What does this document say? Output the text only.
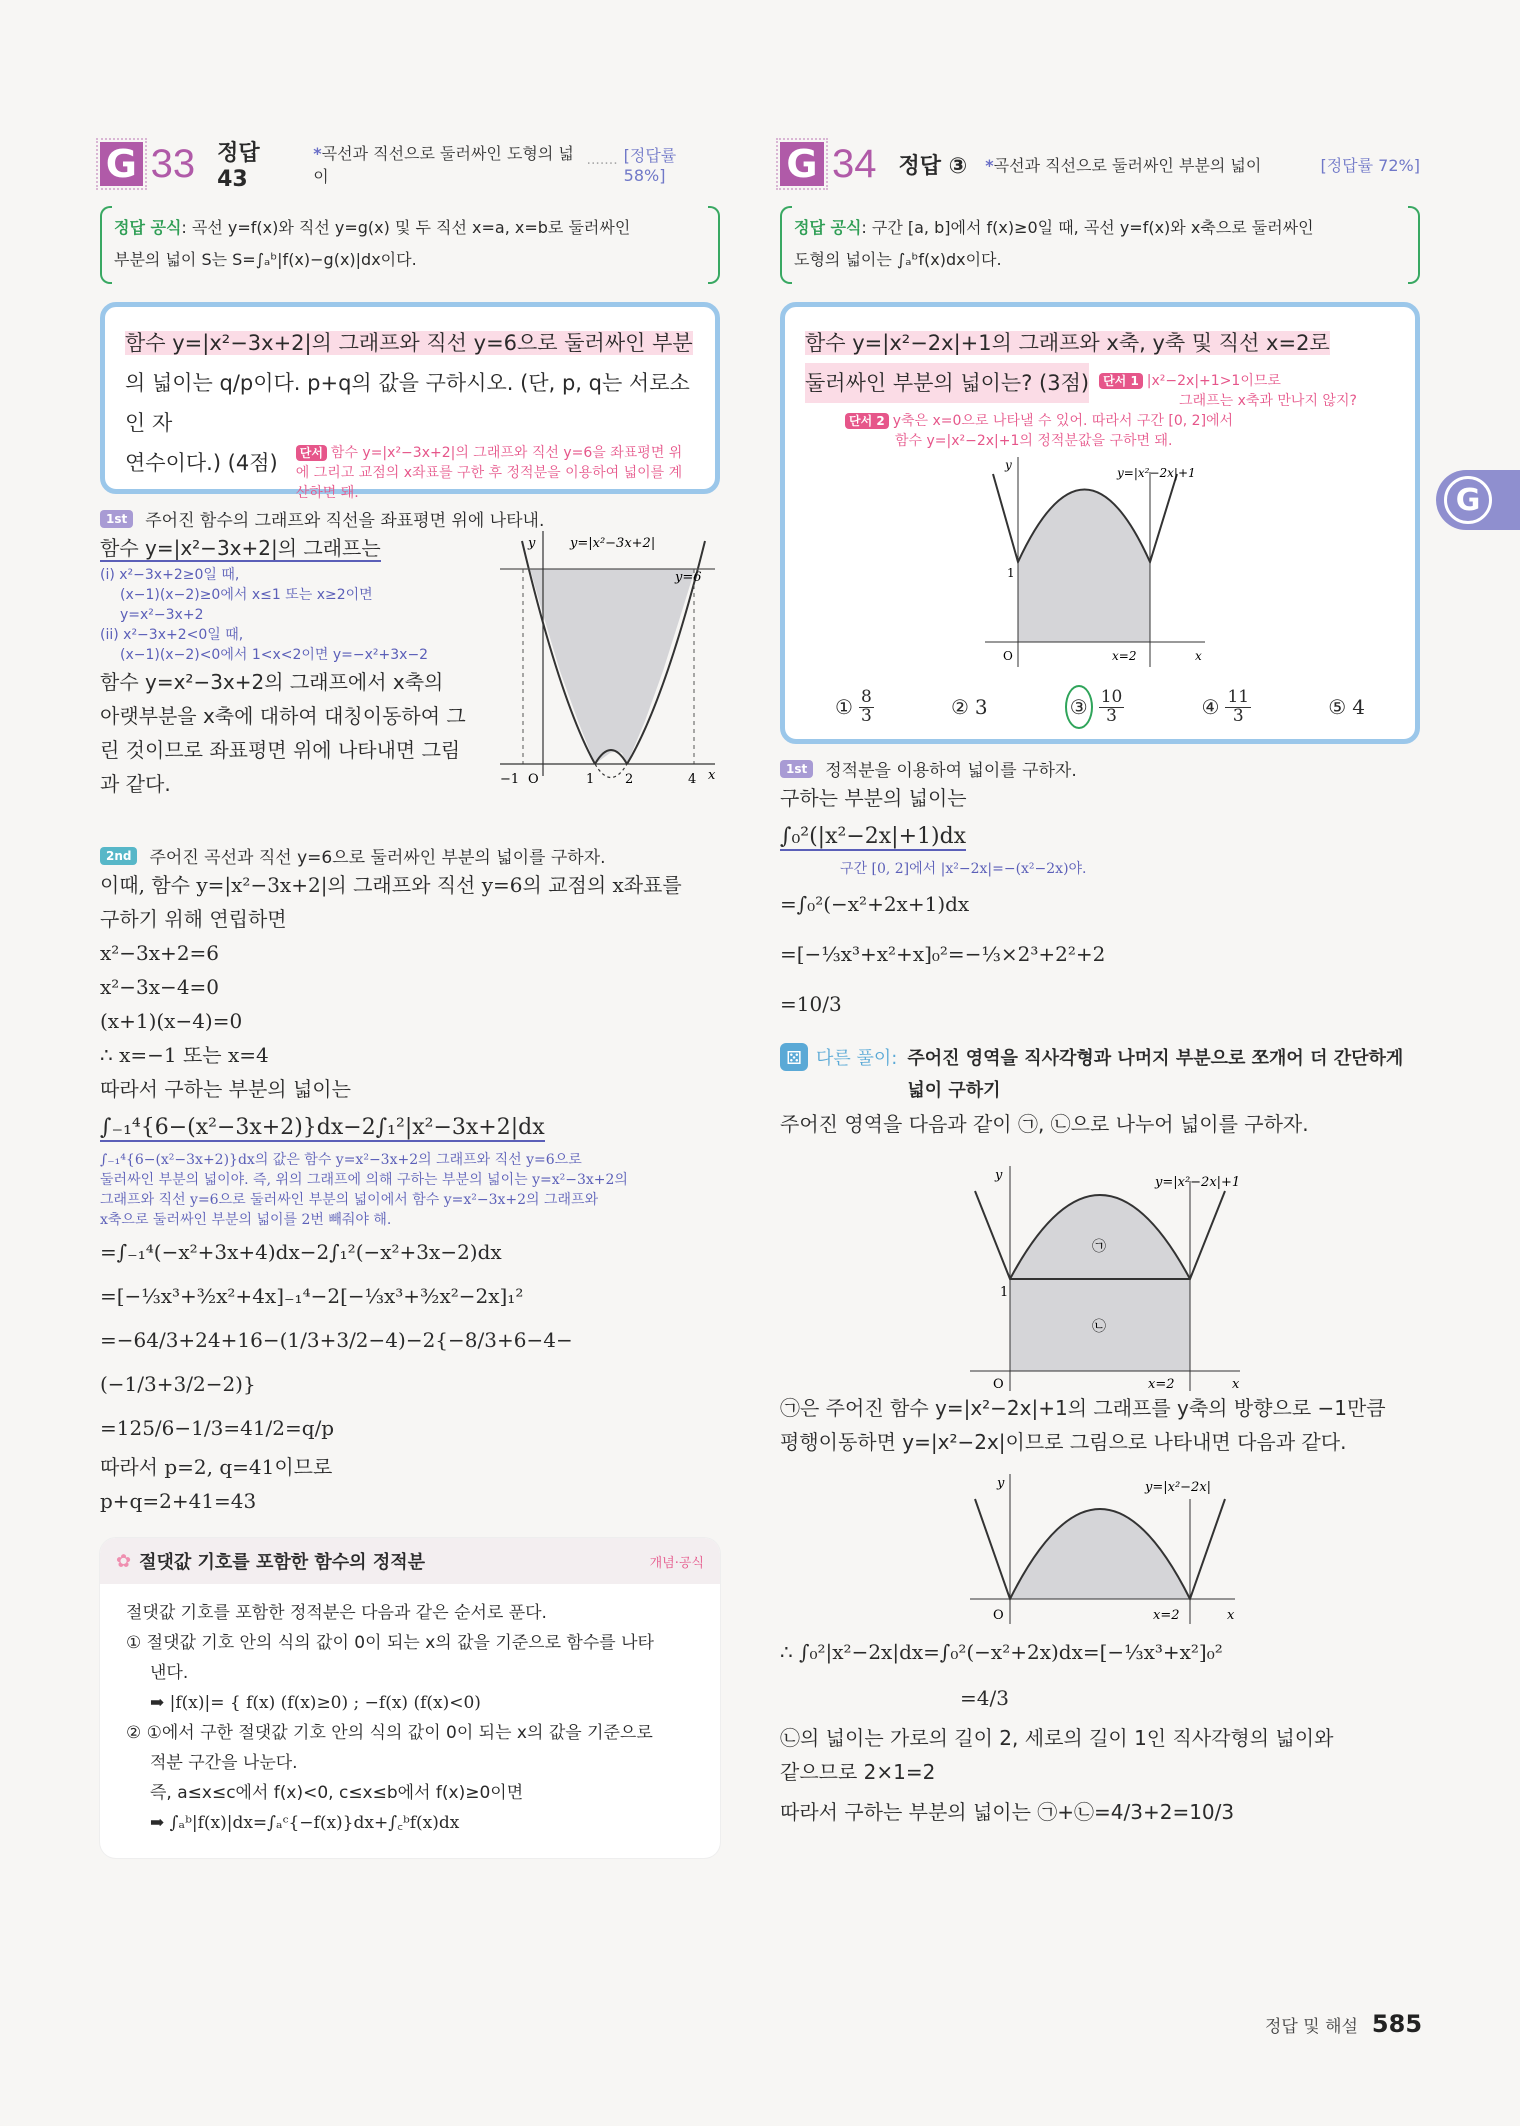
G
G 33 정답 43
*곡선과 직선으로 둘러싸인 도형의 넓이
······· [정답률 58%]
정답 공식: 곡선 y=f(x)와 직선 y=g(x) 및 두 직선 x=a, x=b로 둘러싸인
부분의 넓이 S는 S=∫ₐᵇ|f(x)−g(x)|dx이다.
함수 y=|x²−3x+2|의 그래프와 직선 y=6으로 둘러싸인 부분
의 넓이는 q/p이다. p+q의 값을 구하시오. (단, p, q는 서로소인 자
연수이다.) (4점)	단서 함수 y=|x²−3x+2|의 그래프와 직선 y=6을 좌표평면 위에 그리고 교점의 x좌표를 구한 후 정적분을 이용하여 넓이를 계산하면 돼.
1st	주어진 함수의 그래프와 직선을 좌표평면 위에 나타내.
함수 y=|x²−3x+2|의 그래프는
(i) x²−3x+2≥0일 때,
(x−1)(x−2)≥0에서 x≤1 또는 x≥2이면
y=x²−3x+2
(ii) x²−3x+2<0일 때,
(x−1)(x−2)<0에서 1<x<2이면 y=−x²+3x−2
함수 y=x²−3x+2의 그래프에서 x축의
아랫부분을 x축에 대하여 대칭이동하여 그
린 것이므로 좌표평면 위에 나타내면 그림
과 같다.
y	y=|x²−3x+2|
y=6
x
−1 O	1 2	4
2nd	주어진 곡선과 직선 y=6으로 둘러싸인 부분의 넓이를 구하자.
이때, 함수 y=|x²−3x+2|의 그래프와 직선 y=6의 교점의 x좌표를
구하기 위해 연립하면
x²−3x+2=6
x²−3x−4=0
(x+1)(x−4)=0
∴ x=−1 또는 x=4
따라서 구하는 부분의 넓이는
∫₋₁⁴{6−(x²−3x+2)}dx−2∫₁²|x²−3x+2|dx
∫₋₁⁴{6−(x²−3x+2)}dx의 값은 함수 y=x²−3x+2의 그래프와 직선 y=6으로
둘러싸인 부분의 넓이야. 즉, 위의 그래프에 의해 구하는 부분의 넓이는 y=x²−3x+2의
그래프와 직선 y=6으로 둘러싸인 부분의 넓이에서 함수 y=x²−3x+2의 그래프와
x축으로 둘러싸인 부분의 넓이를 2번 빼줘야 해.
=∫₋₁⁴(−x²+3x+4)dx−2∫₁²(−x²+3x−2)dx
=[−⅓x³+³⁄₂x²+4x]₋₁⁴−2[−⅓x³+³⁄₂x²−2x]₁²
=−64/3+24+16−(1/3+3/2−4)−2{−8/3+6−4−(−1/3+3/2−2)}
=125/6−1/3=41/2=q/p
따라서 p=2, q=41이므로
p+q=2+41=43
✿ 절댓값 기호를 포함한 함수의 정적분	개념·공식
절댓값 기호를 포함한 정적분은 다음과 같은 순서로 푼다.
① 절댓값 기호 안의 식의 값이 0이 되는 x의 값을 기준으로 함수를 나타
낸다.
➡ |f(x)|= { f(x) (f(x)≥0) ; −f(x) (f(x)<0)
② ①에서 구한 절댓값 기호 안의 식의 값이 0이 되는 x의 값을 기준으로
적분 구간을 나눈다.
즉, a≤x≤c에서 f(x)<0, c≤x≤b에서 f(x)≥0이면
➡ ∫ₐᵇ|f(x)|dx=∫ₐᶜ{−f(x)}dx+∫꜀ᵇf(x)dx
G 34 정답 ③ *곡선과 직선으로 둘러싸인 부분의 넓이	[정답률 72%]
정답 공식: 구간 [a, b]에서 f(x)≥0일 때, 곡선 y=f(x)와 x축으로 둘러싸인
도형의 넓이는 ∫ₐᵇf(x)dx이다.
함수 y=|x²−2x|+1의 그래프와 x축, y축 및 직선 x=2로
둘러싸인 부분의 넓이는? (3점)	단서 1 |x²−2x|+1>1이므로
그래프는 x축과 만나지 않지?
단서 2 y축은 x=0으로 나타낼 수 있어. 따라서 구간 [0, 2]에서
함수 y=|x²−2x|+1의 정적분값을 구하면 돼.
y
y=|x²−2x|+1
1
O	x=2	x
① $\frac{8}{3}$	② 3	③ $\frac{10}{3}$	④ $\frac{11}{3}$	⑤ 4
1st	정적분을 이용하여 넓이를 구하자.
구하는 부분의 넓이는
∫₀²(|x²−2x|+1)dx
구간 [0, 2]에서 |x²−2x|=−(x²−2x)야.
=∫₀²(−x²+2x+1)dx
=[−⅓x³+x²+x]₀²=−⅓×2³+2²+2
=10/3
⚄ 다른 풀이: 주어진 영역을 직사각형과 나머지 부분으로 쪼개어 더 간단하게 넓이 구하기
주어진 영역을 다음과 같이 ㉠, ㉡으로 나누어 넓이를 구하자.
y	y=|x²−2x|+1
㉠
㉡
1
O	x=2	x
㉠은 주어진 함수 y=|x²−2x|+1의 그래프를 y축의 방향으로 −1만큼
평행이동하면 y=|x²−2x|이므로 그림으로 나타내면 다음과 같다.
y	y=|x²−2x|
O	x=2	x
∴ ∫₀²|x²−2x|dx=∫₀²(−x²+2x)dx=[−⅓x³+x²]₀²
=4/3
㉡의 넓이는 가로의 길이 2, 세로의 길이 1인 직사각형의 넓이와
같으므로 2×1=2
따라서 구하는 부분의 넓이는 ㉠+㉡=4/3+2=10/3
정답 및 해설 585
